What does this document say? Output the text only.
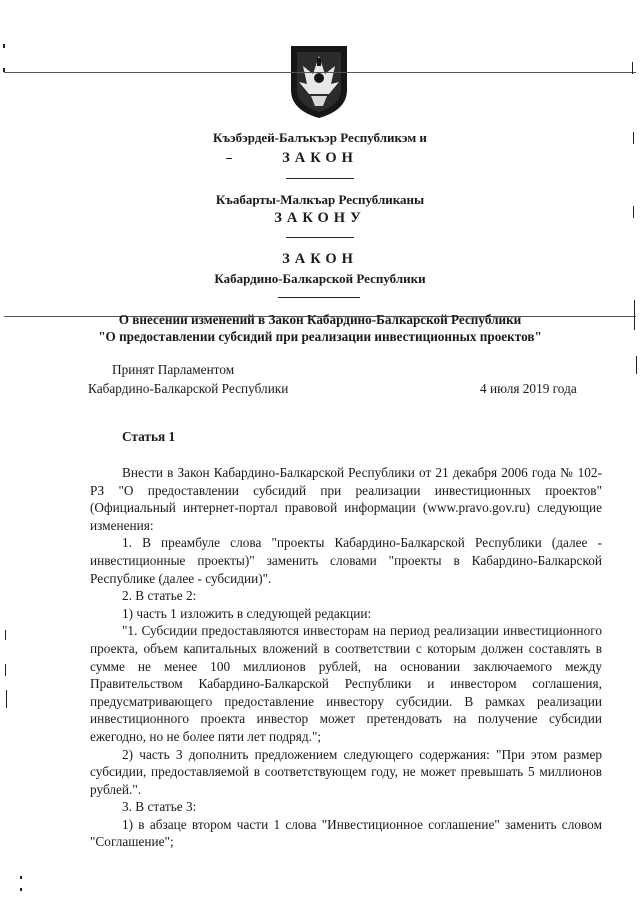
Къэбэрдей-Балъкъэр Республикэм и
ЗАКОН
Къабарты-Малкъар Республиканы
ЗАКОНУ
ЗАКОН
Кабардино-Балкарской Республики
О внесении изменений в Закон Кабардино-Балкарской Республики
"О предоставлении субсидий при реализации инвестиционных проектов"
Принят Парламентом
Кабардино-Балкарской Республики	4 июля 2019 года
Статья 1

Внести в Закон Кабардино-Балкарской Республики от 21 декабря 2006 года № 102-РЗ "О предоставлении субсидий при реализации инвестиционных проектов" (Официальный интернет-портал правовой информации (www.pravo.gov.ru) следующие изменения:

1. В преамбуле слова "проекты Кабардино-Балкарской Республики (далее - инвестиционные проекты)" заменить словами "проекты в Кабардино-Балкарской Республике (далее - субсидии)".

2. В статье 2:

1) часть 1 изложить в следующей редакции:

"1. Субсидии предоставляются инвесторам на период реализации инвестиционного проекта, объем капитальных вложений в соответствии с которым должен составлять в сумме не менее 100 миллионов рублей, на основании заключаемого между Правительством Кабардино-Балкарской Республики и инвестором соглашения, предусматривающего предоставление инвестору субсидии. В рамках реализации инвестиционного проекта инвестор может претендовать на получение субсидии ежегодно, но не более пяти лет подряд.";

2) часть 3 дополнить предложением следующего содержания: "При этом размер субсидии, предоставляемой в соответствующем году, не может превышать 5 миллионов рублей.".

3. В статье 3:

1) в абзаце втором части 1 слова "Инвестиционное соглашение" заменить словом "Соглашение";
